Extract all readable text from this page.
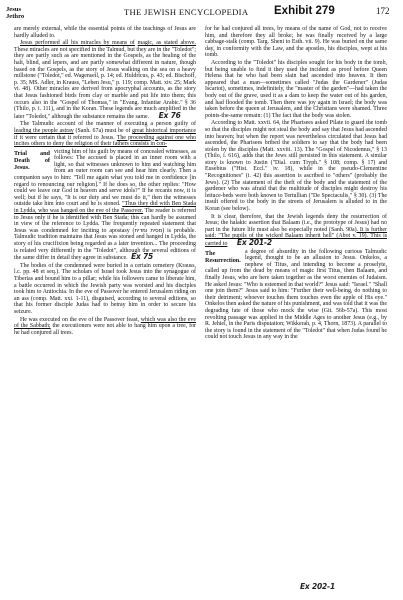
Jesus
Jethro	THE JEWISH ENCYCLOPEDIA Exhibit 279	172

are merely external, while the essential points of the teachings of Jesus are hardly alluded to.

Jesus performed all his miracles by means of magic, as stated above. These miracles are not specified in the Talmud, but they are in the "Toledot"; they are partly such as are mentioned in the Gospels, as the healing of the halt, blind, and lepers, and are partly somewhat different in nature, though based on the Gospels, as the story of Jesus walking on the sea on a heavy millstone ("Toledot," ed. Wagenseil, p. 14; ed. Huldricus, p. 43; ed. Bischoff, p. 35; MS. Adler, in Krauss, "Leben Jesu," p. 119; comp. Matt. xiv. 25; Mark vi. 48). Other miracles are derived from apocryphal accounts, as the story that Jesus fashioned birds from clay or marble and put life into them; this occurs also in the "Gospel of Thomas," in "Evang. Infantiæ Arabic." § 36 (Thilo, p. i. 111), and in the Koran. These legends are much amplified in the later "Toledot," although the substance remains the same. Ex 76

The Talmudic account of the manner of executing a person guilty of leading the people astray (Sanh. 67a) must be of great historical importance if it were certain that it referred to Jesus. The proceeding against one who incites others to deny the religion of their fathers consists in con-

Trial and Death of Jesus.
victing him of his guilt by means of concealed witnesses, as follows: The accused is placed in an inner room with a light, so that witnesses unknown to him and watching him from an outer room can see and hear him clearly. Then a companion says to him: "Tell me again what you told me in confidence [in regard to renouncing our religion]." If he does so, the other replies: "How could we leave our God in heaven and serve idols?" If he recants now, it is well; but if he says, "It is our duty and we must do it," then the witnesses outside take him into court and he is stoned. "Thus they did with Ben Stada in Lydda, who was hanged on the eve of the Passover. The reader is referred to Jesus only if he is identified with Ben Stada; this can hardly be assumed in view of the reference to Lydda. The frequently repeated statement that Jesus was condemned for inciting to apostasy (מסית ומדיח) is probable. Talmudic tradition maintains that Jesus was stoned and hanged in Lydda, the story of his crucifixion being regarded as a later invention... The proceeding is related very differently in the "Toledot", although the several editions of the same differ in detail they agree in substance. Ex 75

The bodies of the condemned were buried in a certain cemetery (Krauss, l.c. pp. 48 et seq.). The scholars of Israel took Jesus into the synagogue of Tiberias and bound him to a pillar; while his followers came to liberate him, a battle occurred in which the Jewish party was worsted and his disciples took him to Antiochia. In the eve of Passover he entered Jerusalem riding on an ass (comp. Matt. xxi. 1-11), disguised, according to several editions, so that his former disciple Judas had to betray him in order to secure his seizure.

He was executed on the eve of the Passover feast, which was also the eve of the Sabbath; the executioners were not able to hang him upon a tree, for he had conjured all trees.

for he had conjured all trees, by means of the name of God, not to receive him, and therefore they all broke; he was finally received by a large cabbage-stalk (comp. Targ. Sheni to Esth. vii. 9). He was buried on the same day, in conformity with the Law, and the apostles, his disciples, wept at his tomb.

According to the "Toledot" his disciples sought for his body in the tomb, but being unable to find it they used the incident as proof before Queen Helena that he who had been slain had ascended into heaven. It then appeared that a man—sometimes called "Judas the Gardener" (Judas Iscariot), sometimes, indefinitely, the "master of the garden"—had taken the body out of the grave, used it as a dam to keep the water out of his garden, and had flooded the tomb. Then there was joy again in Israel; the body was taken before the queen at Jerusalem, and the Christians were shamed. Three points-the-same remain: (1) The fact that the body was stolen.

According to Matt. xxvii. 64, the Pharisees asked Pilate to guard the tomb so that the disciples might not steal the body and say that Jesus had ascended into heaven; but when the report was nevertheless circulated that Jesus had ascended, the Pharisees bribed the soldiers to say that the body had been stolen by the disciples (Matt. xxviii. 13). The "Gospel of Nicodemus," § 13 (Thilo, i. 616), adds that the Jews still persisted in this statement. A similar story is known to Justin ("Dial. cum Tryph." § 108; comp. § 17) and Eusebius ("Hist. Eccl." iv. 18), while in the pseudo-Clementine "Recognitiones" (i. 42) this assertion is ascribed to "others" (probably the Jews). (2) The statement of the theft of the body and the statement of the gardener who was afraid that the multitude of disciples might destroy his lettuce-beds were both known to Tertullian ("De Spectaculis," § 30). (3) The insult offered to the body in the streets of Jerusalem is alluded to in the Koran (see below).

It is clear, therefore, that the Jewish legends deny the resurrection of Jesus; the halakic assertion that Balaam (i.e., the prototype of Jesus) had no part in the future life must also be especially noted (Sanh. 90a). It is further said: "The pupils of the wicked Balaam inherit hell" (Abot v. 19). This is carried to Ex 201-2

The Resurrection.
a degree of absurdity in the following curious Talmudic legend, thought to be an allusion to Jesus. Onkelos, a nephew of Titus, and intending to become a proselyte, called up from the dead by means of magic first Titus, then Balaam, and finally Jesus, who are here taken together as the worst enemies of Judaism. He asked Jesus: "Who is esteemed in that world?" Jesus said: "Israel." "Shall one join them?" Jesus said to him: "Further their well-being, do nothing to their detriment; whoever touches them touches even the apple of His eye." Onkelos then asked the nature of his punishment, and was told that it was the degrading fate of those who mock the wise (Git. 56b-57a). This most revolting passage was applied in the Middle Ages to another Jesus (e.g., by R. Jehiel, in the Paris disputation; Wikkerah, p. 4, Thorn, 1873). A parallel to the story is found in the statement of the "Toledot" that when Judas found he could not touch Jesus in any way in the

Ex 202-1
